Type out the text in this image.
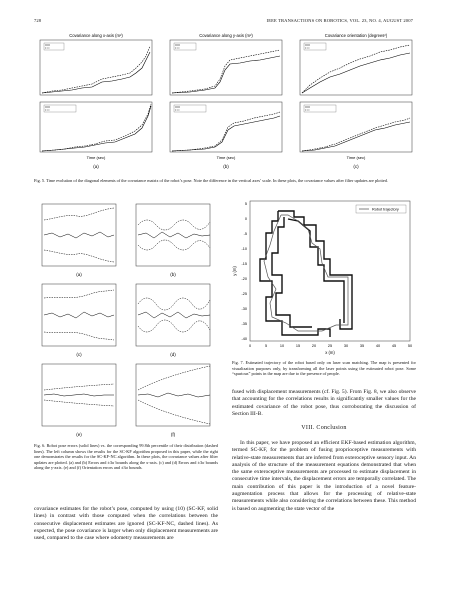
728	IEEE TRANSACTIONS ON ROBOTICS, VOL. 23, NO. 4, AUGUST 2007
Covariance along x-axis (m²)	Covariance along y-axis (m²)	Covariance orientation (degrees²)
Time (sec)	Time (sec)	Time (sec)
(a)	(b)	(c)
Fig. 5. Time evolution of the diagonal elements of the covariance matrix of the robot’s pose. Note the difference in the vertical axes’ scale. In these plots, the covariance values after filter updates are plotted.
(a)	(b)
(c)	(d)
(e)	(f)
Fig. 6. Robot pose errors (solid lines) vs. the corresponding 99.8th percentile of their distribution (dashed lines). The left column shows the results for the SC-KF algorithm proposed in this paper, while the right one demonstrates the results for the SC-KF-NC algorithm. In these plots, the covariance values after filter updates are plotted. (a) and (b) Errors and ±3σ bounds along the x-axis. (c) and (d) Errors and ±3σ bounds along the y-axis. (e) and (f) Orientation errors and ±3σ bounds.
Robot trajectory
0	5	10	15	20	25	30	35	40	45	50
5
0
-5
-10
-15
-20
-25
-30
-35
-40
x (m)
y (m)
Fig. 7. Estimated trajectory of the robot based only on laser scan matching. The map is presented for visualization purposes only, by transforming all the laser points using the estimated robot pose. Some “spurious” points in the map are due to the presence of people.
fused with displacement measurements (cf. Fig. 5). From Fig. 8, we also observe that accounting for the correlations results in significantly smaller values for the estimated covariance of the robot pose, thus corroborating the discussion of Section III-B.
VIII. Conclusion
In this paper, we have proposed an efficient EKF-based estimation algorithm, termed SC-KF, for the problem of fusing proprioceptive measurements with relative-state measurements that are inferred from exteroceptive sensory input. An analysis of the structure of the measurement equations demonstrated that when the same exteroceptive measurements are processed to estimate displacement in consecutive time intervals, the displacement errors are temporally correlated. The main contribution of this paper is the introduction of a novel feature-augmentation process that allows for the processing of relative-state measurements while also considering the correlations between these. This method is based on augmenting the state vector of the
covariance estimates for the robot’s pose, computed by using (10) (SC-KF, solid lines) in contrast with those computed when the correlations between the consecutive displacement estimates are ignored (SC-KF-NC, dashed lines). As expected, the pose covariance is larger when only displacement measurements are used, compared to the case where odometry measurements are
